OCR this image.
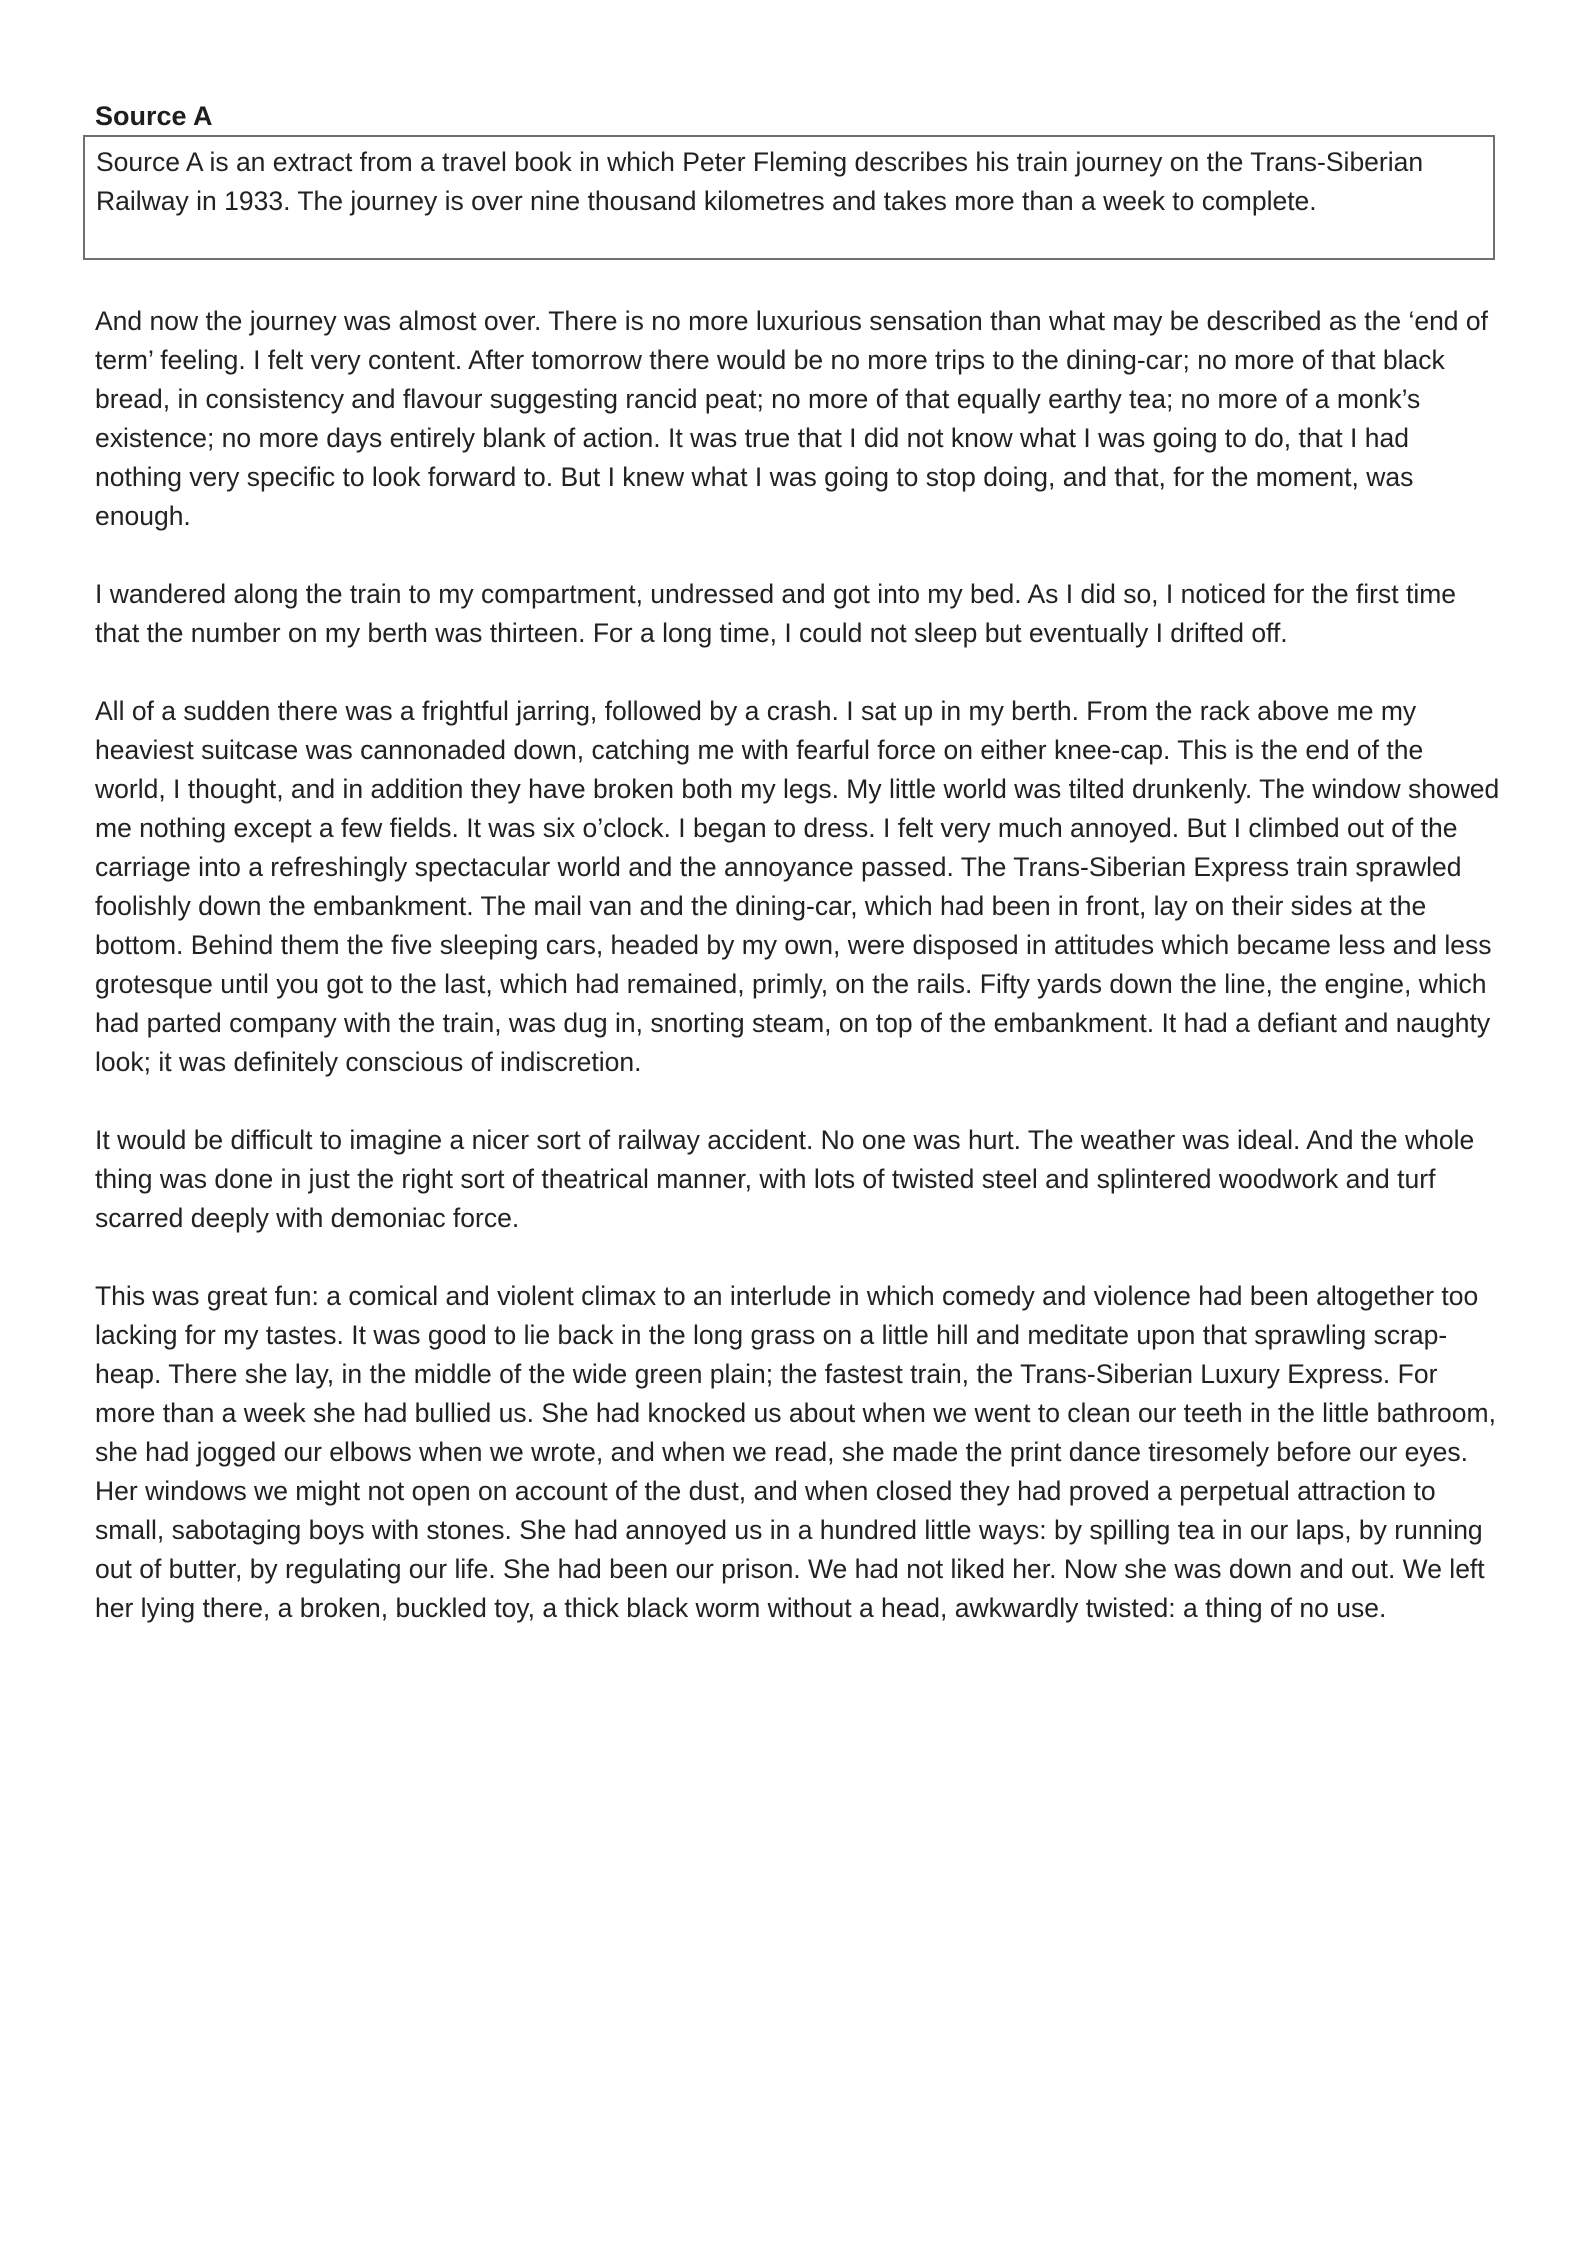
Source A
Source A is an extract from a travel book in which Peter Fleming describes his train journey on the Trans-Siberian Railway in 1933. The journey is over nine thousand kilometres and takes more than a week to complete.

And now the journey was almost over. There is no more luxurious sensation than what may be described as the ‘end of term’ feeling. I felt very content. After tomorrow there would be no more trips to the dining-car; no more of that black bread, in consistency and flavour suggesting rancid peat; no more of that equally earthy tea; no more of a monk’s existence; no more days entirely blank of action. It was true that I did not know what I was going to do, that I had nothing very specific to look forward to. But I knew what I was going to stop doing, and that, for the moment, was enough.

I wandered along the train to my compartment, undressed and got into my bed. As I did so, I noticed for the first time that the number on my berth was thirteen. For a long time, I could not sleep but eventually I drifted off.

All of a sudden there was a frightful jarring, followed by a crash. I sat up in my berth. From the rack above me my heaviest suitcase was cannonaded down, catching me with fearful force on either knee-cap. This is the end of the world, I thought, and in addition they have broken both my legs. My little world was tilted drunkenly. The window showed me nothing except a few fields. It was six o’clock. I began to dress. I felt very much annoyed. But I climbed out of the carriage into a refreshingly spectacular world and the annoyance passed. The Trans-Siberian Express train sprawled foolishly down the embankment. The mail van and the dining-car, which had been in front, lay on their sides at the bottom. Behind them the five sleeping cars, headed by my own, were disposed in attitudes which became less and less grotesque until you got to the last, which had remained, primly, on the rails. Fifty yards down the line, the engine, which had parted company with the train, was dug in, snorting steam, on top of the embankment. It had a defiant and naughty look; it was definitely conscious of indiscretion.

It would be difficult to imagine a nicer sort of railway accident. No one was hurt. The weather was ideal. And the whole thing was done in just the right sort of theatrical manner, with lots of twisted steel and splintered woodwork and turf scarred deeply with demoniac force.

This was great fun: a comical and violent climax to an interlude in which comedy and violence had been altogether too lacking for my tastes. It was good to lie back in the long grass on a little hill and meditate upon that sprawling scrap-heap. There she lay, in the middle of the wide green plain; the fastest train, the Trans-Siberian Luxury Express. For more than a week she had bullied us. She had knocked us about when we went to clean our teeth in the little bathroom, she had jogged our elbows when we wrote, and when we read, she made the print dance tiresomely before our eyes. Her windows we might not open on account of the dust, and when closed they had proved a perpetual attraction to small, sabotaging boys with stones. She had annoyed us in a hundred little ways: by spilling tea in our laps, by running out of butter, by regulating our life. She had been our prison. We had not liked her. Now she was down and out. We left her lying there, a broken, buckled toy, a thick black worm without a head, awkwardly twisted: a thing of no use.
